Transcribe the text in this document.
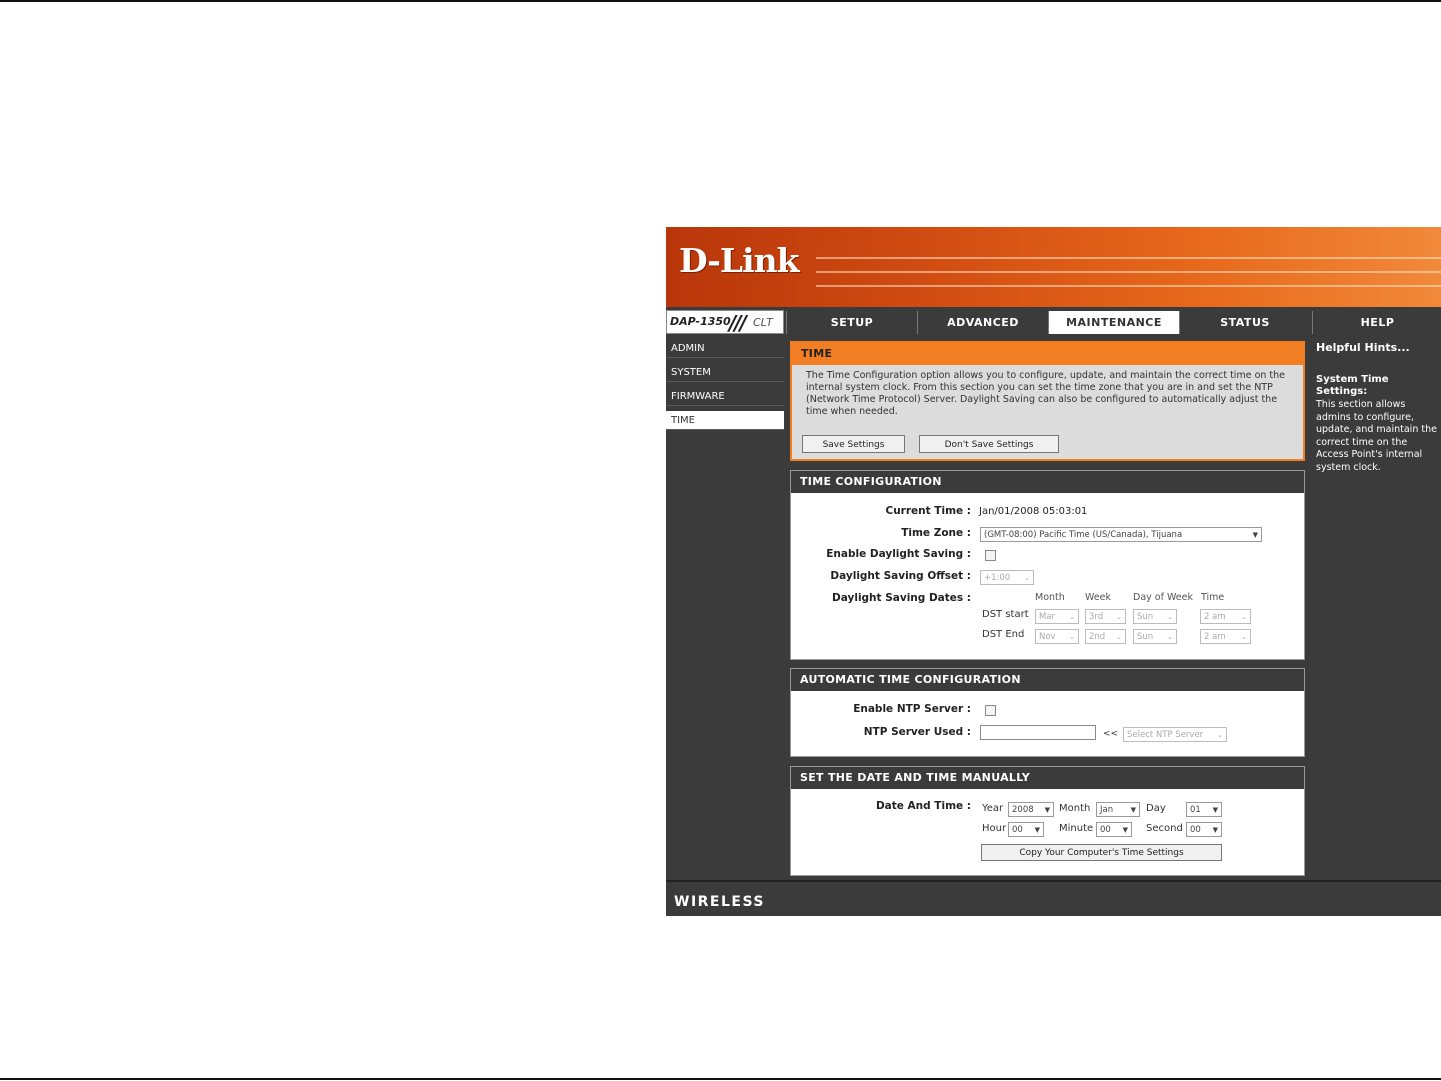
D-Link
DAP-1350
/// CLT	SETUP	ADVANCED	MAINTENANCE	STATUS	HELP
ADMIN
SYSTEM
FIRMWARE
TIME
TIME
The Time Configuration option allows you to configure, update, and maintain the correct time on the internal system clock. From this section you can set the time zone that you are in and set the NTP (Network Time Protocol) Server. Daylight Saving can also be configured to automatically adjust the time when needed.
Save Settings	Don't Save Settings
TIME CONFIGURATION
Current Time : Jan/01/2008 05:03:01
Time Zone :	(GMT-08:00) Pacific Time (US/Canada), Tijuana	▼
Enable Daylight Saving :
Daylight Saving Offset :	+1:00 ⌄
Daylight Saving Dates :	Month Week Day of Week Time
DST start	Mar ⌄	3rd ⌄	Sun ⌄	2 am ⌄
DST End	Nov ⌄	2nd ⌄	Sun ⌄	2 am ⌄
AUTOMATIC TIME CONFIGURATION
Enable NTP Server :
NTP Server Used :	<<	Select NTP Server ⌄
SET THE DATE AND TIME MANUALLY
Date And Time : Year	2008 ▼ Month	Jan	▼ Day	01 ▼
Hour 00 ▼ Minute 00 ▼ Second 00 ▼
Copy Your Computer's Time Settings
Helpful Hints...
System Time Settings:
This section allows admins to configure, update, and maintain the correct time on the Access Point's internal system clock.
WIRELESS
